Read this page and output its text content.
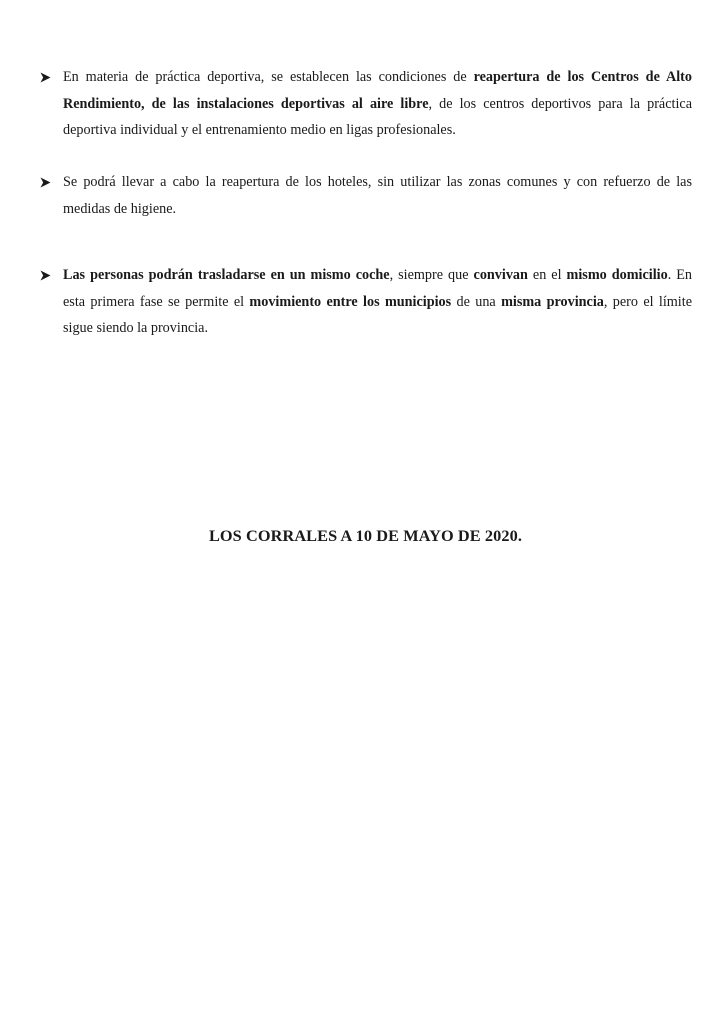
En materia de práctica deportiva, se establecen las condiciones de reapertura de los Centros de Alto Rendimiento, de las instalaciones deportivas al aire libre, de los centros deportivos para la práctica deportiva individual y el entrenamiento medio en ligas profesionales.
Se podrá llevar a cabo la reapertura de los hoteles, sin utilizar las zonas comunes y con refuerzo de las medidas de higiene.
Las personas podrán trasladarse en un mismo coche, siempre que convivan en el mismo domicilio. En esta primera fase se permite el movimiento entre los municipios de una misma provincia, pero el límite sigue siendo la provincia.
LOS CORRALES A 10 DE MAYO DE 2020.
